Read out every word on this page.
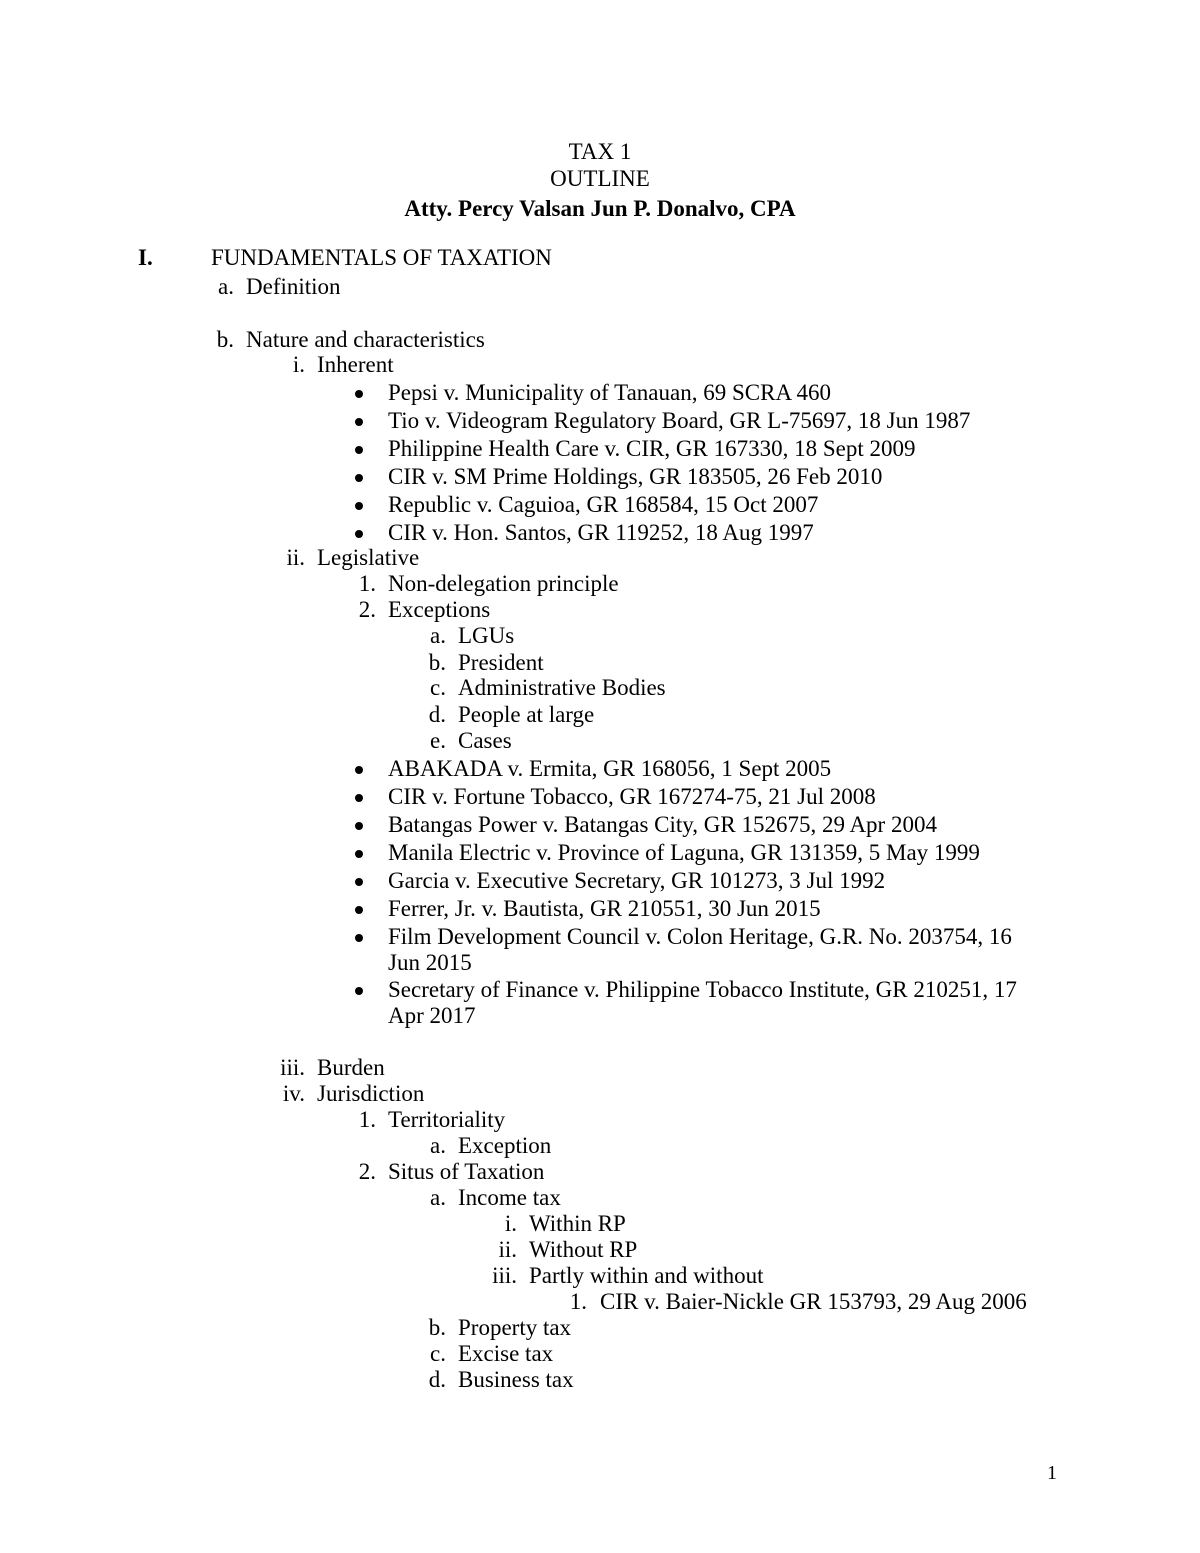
TAX 1
OUTLINE
Atty. Percy Valsan Jun P. Donalvo, CPA
I.	FUNDAMENTALS OF TAXATION
a. Definition
b. Nature and characteristics
i. Inherent
Pepsi v. Municipality of Tanauan, 69 SCRA 460
Tio v. Videogram Regulatory Board, GR L-75697, 18 Jun 1987
Philippine Health Care v. CIR, GR 167330, 18 Sept 2009
CIR v. SM Prime Holdings, GR 183505, 26 Feb 2010
Republic v. Caguioa, GR 168584, 15 Oct 2007
CIR v. Hon. Santos, GR 119252, 18 Aug 1997
ii. Legislative
1. Non-delegation principle
2. Exceptions
a. LGUs
b. President
c. Administrative Bodies
d. People at large
e. Cases
ABAKADA v. Ermita, GR 168056, 1 Sept 2005
CIR v. Fortune Tobacco, GR 167274-75, 21 Jul 2008
Batangas Power v. Batangas City, GR 152675, 29 Apr 2004
Manila Electric v. Province of Laguna, GR 131359, 5 May 1999
Garcia v. Executive Secretary, GR 101273, 3 Jul 1992
Ferrer, Jr. v. Bautista, GR 210551, 30 Jun 2015
Film Development Council v. Colon Heritage, G.R. No. 203754, 16
Jun 2015
Secretary of Finance v. Philippine Tobacco Institute, GR 210251, 17
Apr 2017
iii. Burden
iv. Jurisdiction
1. Territoriality
a. Exception
2. Situs of Taxation
a. Income tax
i. Within RP
ii. Without RP
iii. Partly within and without
1. CIR v. Baier-Nickle GR 153793, 29 Aug 2006
b. Property tax
c. Excise tax
d. Business tax
1
